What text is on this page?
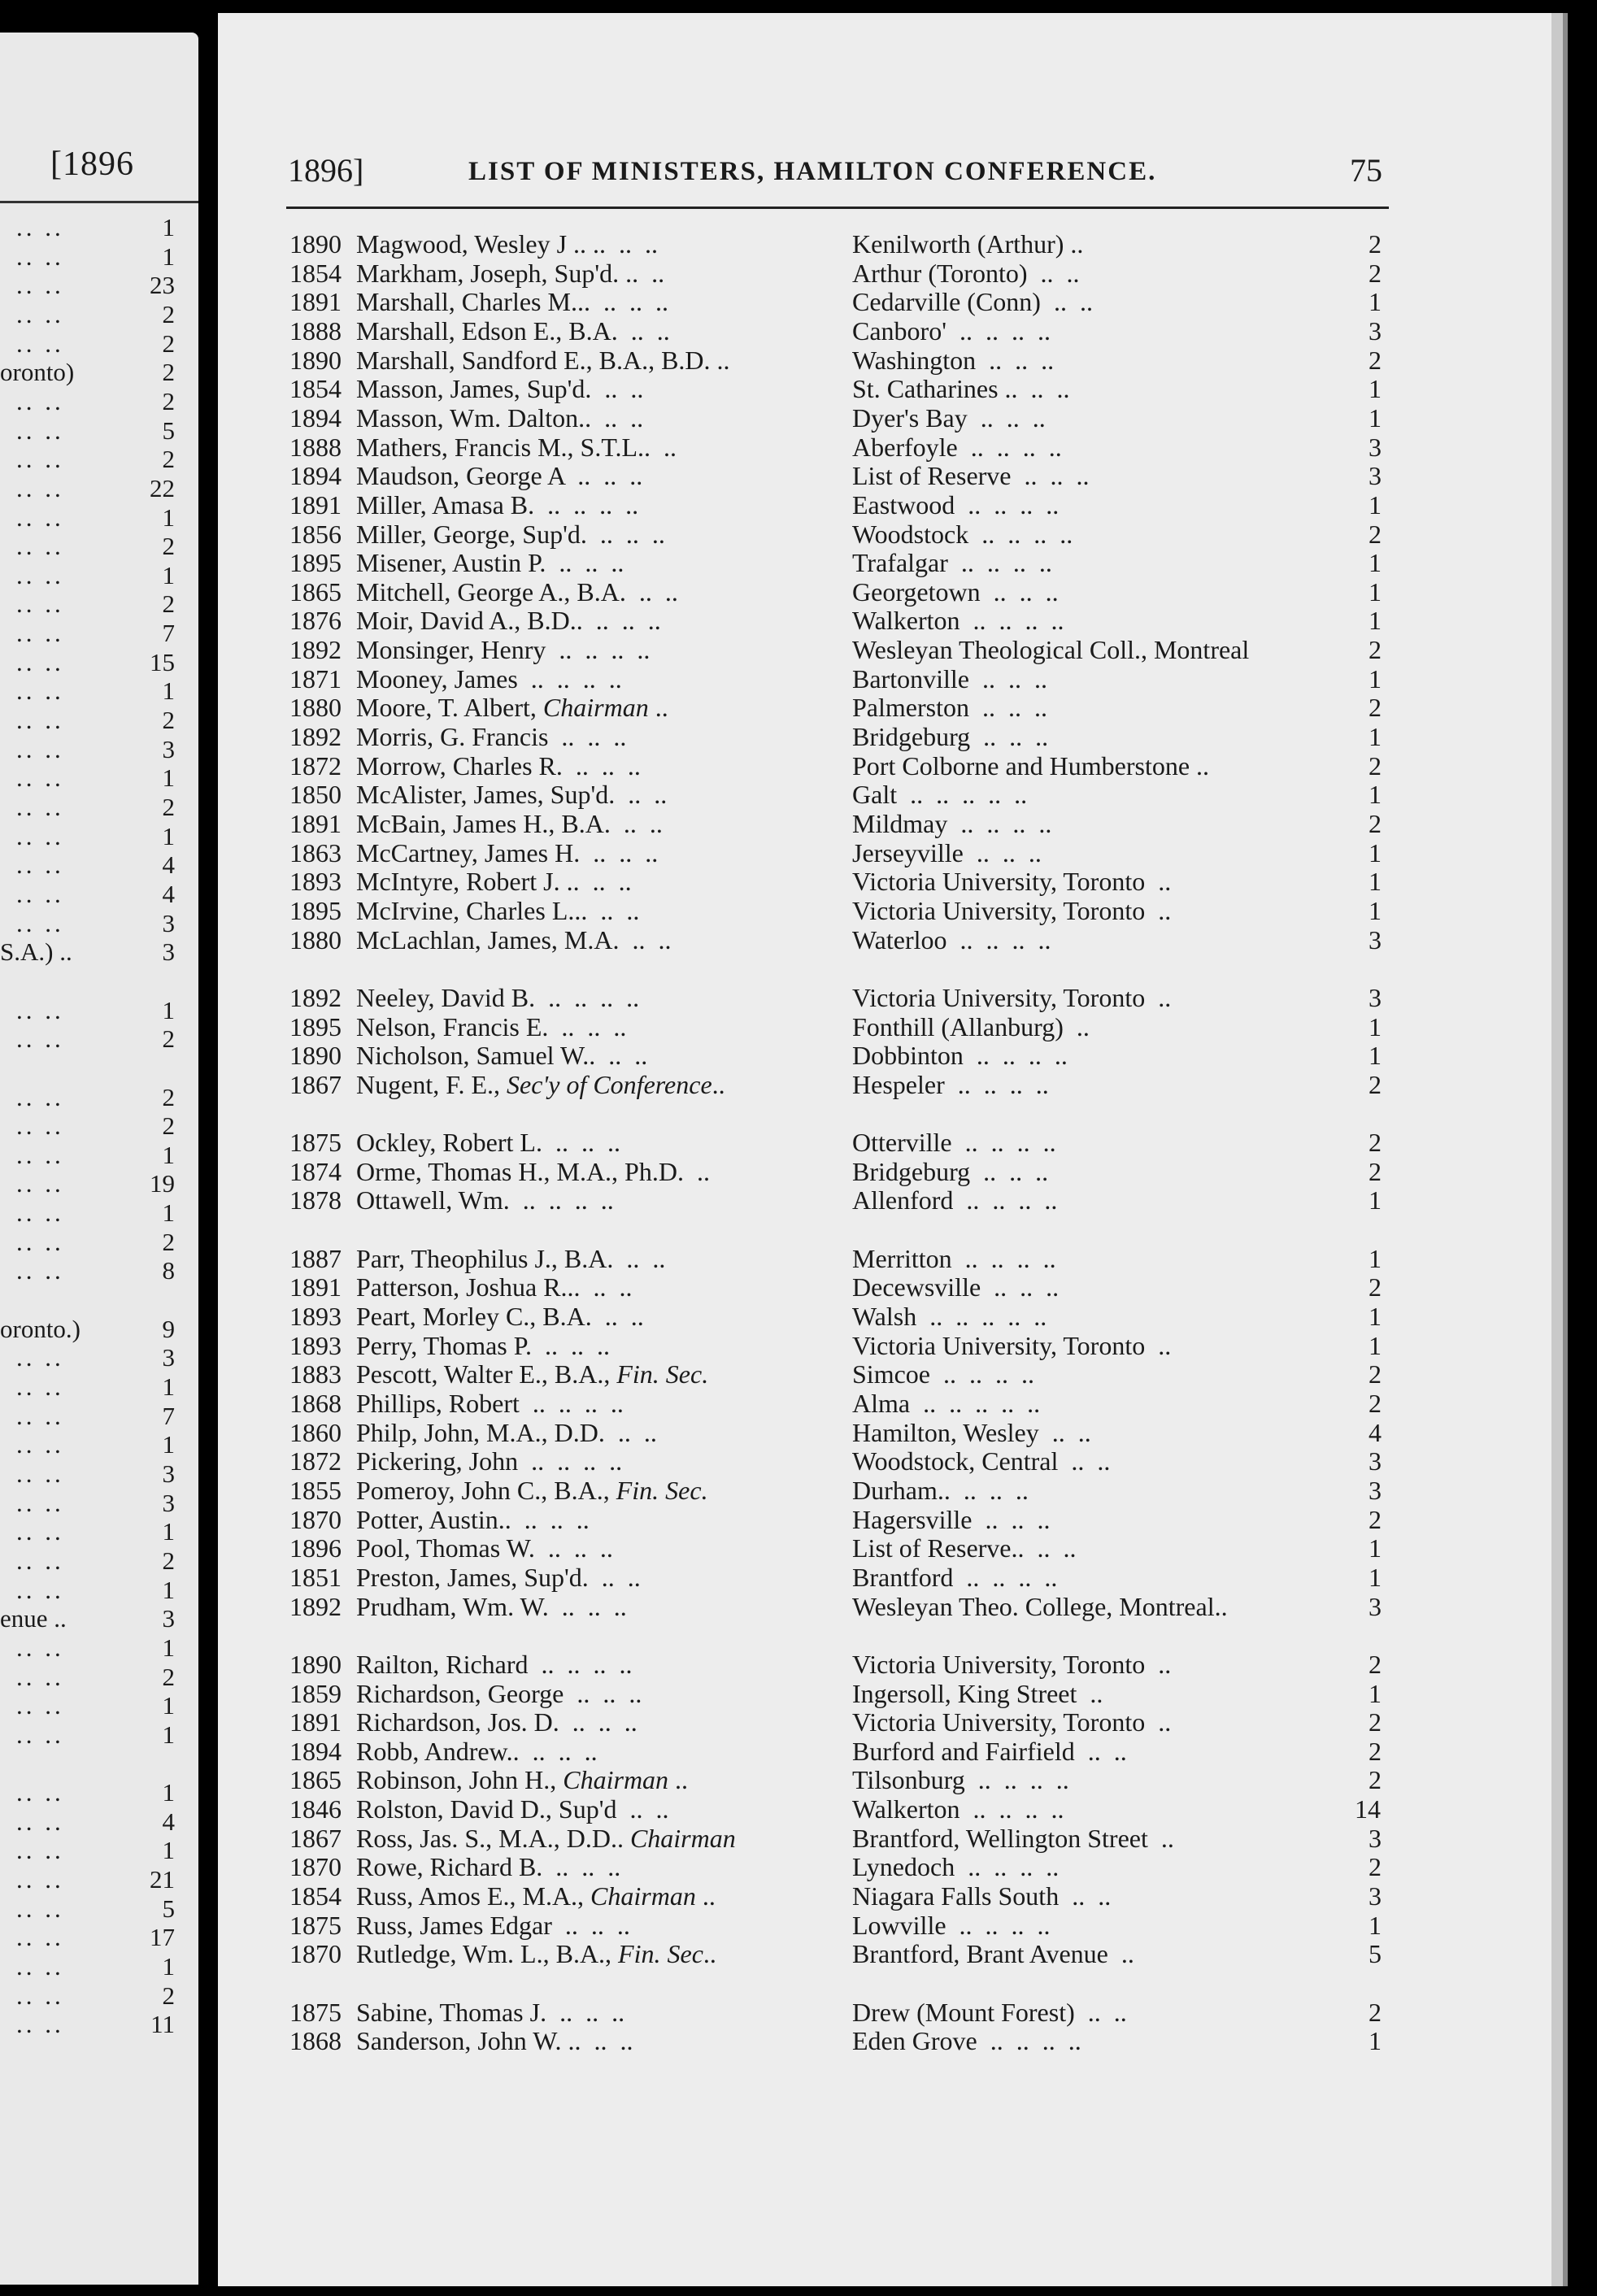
[1896
.. ..	1
.. ..	1
.. ..	23
.. ..	2
.. ..	2
oronto)	2
.. ..	2
.. ..	5
.. ..	2
.. ..	22
.. ..	1
.. ..	2
.. ..	1
.. ..	2
.. ..	7
.. ..	15
.. ..	1
.. ..	2
.. ..	3
.. ..	1
.. ..	2
.. ..	1
.. ..	4
.. ..	4
.. ..	3
S.A.) ..	3
.. ..	1
.. ..	2
.. ..	2
.. ..	2
.. ..	1
.. ..	19
.. ..	1
.. ..	2
.. ..	8
oronto.)	9
.. ..	3
.. ..	1
.. ..	7
.. ..	1
.. ..	3
.. ..	3
.. ..	1
.. ..	2
.. ..	1
enue ..	3
.. ..	1
.. ..	2
.. ..	1
.. ..	1
.. ..	1
.. ..	4
.. ..	1
.. ..	21
.. ..	5
.. ..	17
.. ..	1
.. ..	2
.. ..	11
1896]	LIST OF MINISTERS, HAMILTON CONFERENCE.	75
1890 Magwood, Wesley J .. ..  ..  ..	Kenilworth (Arthur) ..	2
1854 Markham, Joseph, Sup'd. ..  ..	Arthur (Toronto)  ..  ..	2
1891 Marshall, Charles M...  ..  ..  ..	Cedarville (Conn)  ..  ..	1
1888 Marshall, Edson E., B.A.  ..  ..	Canboro'  ..  ..  ..  ..	3
1890 Marshall, Sandford E., B.A., B.D. ..	Washington  ..  ..  ..	2
1854 Masson, James, Sup'd.  ..  ..	St. Catharines ..  ..  ..	1
1894 Masson, Wm. Dalton..  ..  ..	Dyer's Bay  ..  ..  ..	1
1888 Mathers, Francis M., S.T.L..  ..	Aberfoyle  ..  ..  ..  ..	3
1894 Maudson, George A  ..  ..  ..	List of Reserve  ..  ..  ..	3
1891 Miller, Amasa B.  ..  ..  ..  ..	Eastwood  ..  ..  ..  ..	1
1856 Miller, George, Sup'd.  ..  ..  ..	Woodstock  ..  ..  ..  ..	2
1895 Misener, Austin P.  ..  ..  ..	Trafalgar  ..  ..  ..  ..	1
1865 Mitchell, George A., B.A.  ..  ..	Georgetown  ..  ..  ..	1
1876 Moir, David A., B.D..  ..  ..  ..	Walkerton  ..  ..  ..  ..	1
1892 Monsinger, Henry  ..  ..  ..  ..	Wesleyan Theological Coll., Montreal	2
1871 Mooney, James  ..  ..  ..  ..	Bartonville  ..  ..  ..	1
1880 Moore, T. Albert, Chairman ..	Palmerston  ..  ..  ..	2
1892 Morris, G. Francis  ..  ..  ..	Bridgeburg  ..  ..  ..	1
1872 Morrow, Charles R.  ..  ..  ..	Port Colborne and Humberstone ..	2
1850 McAlister, James, Sup'd.  ..  ..	Galt  ..  ..  ..  ..  ..	1
1891 McBain, James H., B.A.  ..  ..	Mildmay  ..  ..  ..  ..	2
1863 McCartney, James H.  ..  ..  ..	Jerseyville  ..  ..  ..	1
1893 McIntyre, Robert J. ..  ..  ..	Victoria University, Toronto  ..	1
1895 McIrvine, Charles L...  ..  ..	Victoria University, Toronto  ..	1
1880 McLachlan, James, M.A.  ..  ..	Waterloo  ..  ..  ..  ..	3
1892 Neeley, David B.  ..  ..  ..  ..	Victoria University, Toronto  ..	3
1895 Nelson, Francis E.  ..  ..  ..	Fonthill (Allanburg)  ..	1
1890 Nicholson, Samuel W..  ..  ..	Dobbinton  ..  ..  ..  ..	1
1867 Nugent, F. E., Sec'y of Conference..	Hespeler  ..  ..  ..  ..	2
1875 Ockley, Robert L.  ..  ..  ..	Otterville  ..  ..  ..  ..	2
1874 Orme, Thomas H., M.A., Ph.D.  ..	Bridgeburg  ..  ..  ..	2
1878 Ottawell, Wm.  ..  ..  ..  ..	Allenford  ..  ..  ..  ..	1
1887 Parr, Theophilus J., B.A.  ..  ..	Merritton  ..  ..  ..  ..	1
1891 Patterson, Joshua R...  ..  ..	Decewsville  ..  ..  ..	2
1893 Peart, Morley C., B.A.  ..  ..	Walsh  ..  ..  ..  ..  ..	1
1893 Perry, Thomas P.  ..  ..  ..	Victoria University, Toronto  ..	1
1883 Pescott, Walter E., B.A., Fin. Sec.	Simcoe  ..  ..  ..  ..	2
1868 Phillips, Robert  ..  ..  ..  ..	Alma  ..  ..  ..  ..  ..	2
1860 Philp, John, M.A., D.D.  ..  ..	Hamilton, Wesley  ..  ..	4
1872 Pickering, John  ..  ..  ..  ..	Woodstock, Central  ..  ..	3
1855 Pomeroy, John C., B.A., Fin. Sec.	Durham..  ..  ..  ..	3
1870 Potter, Austin..  ..  ..  ..	Hagersville  ..  ..  ..	2
1896 Pool, Thomas W.  ..  ..  ..	List of Reserve..  ..  ..	1
1851 Preston, James, Sup'd.  ..  ..	Brantford  ..  ..  ..  ..	1
1892 Prudham, Wm. W.  ..  ..  ..	Wesleyan Theo. College, Montreal..	3
1890 Railton, Richard  ..  ..  ..  ..	Victoria University, Toronto  ..	2
1859 Richardson, George  ..  ..  ..	Ingersoll, King Street  ..	1
1891 Richardson, Jos. D.  ..  ..  ..	Victoria University, Toronto  ..	2
1894 Robb, Andrew..  ..  ..  ..	Burford and Fairfield  ..  ..	2
1865 Robinson, John H., Chairman ..	Tilsonburg  ..  ..  ..  ..	2
1846 Rolston, David D., Sup'd  ..  ..	Walkerton  ..  ..  ..  ..	14
1867 Ross, Jas. S., M.A., D.D.. Chairman	Brantford, Wellington Street  ..	3
1870 Rowe, Richard B.  ..  ..  ..	Lynedoch  ..  ..  ..  ..	2
1854 Russ, Amos E., M.A., Chairman ..	Niagara Falls South  ..  ..	3
1875 Russ, James Edgar  ..  ..  ..	Lowville  ..  ..  ..  ..	1
1870 Rutledge, Wm. L., B.A., Fin. Sec..	Brantford, Brant Avenue  ..	5
1875 Sabine, Thomas J.  ..  ..  ..	Drew (Mount Forest)  ..  ..	2
1868 Sanderson, John W. ..  ..  ..	Eden Grove  ..  ..  ..  ..	1
